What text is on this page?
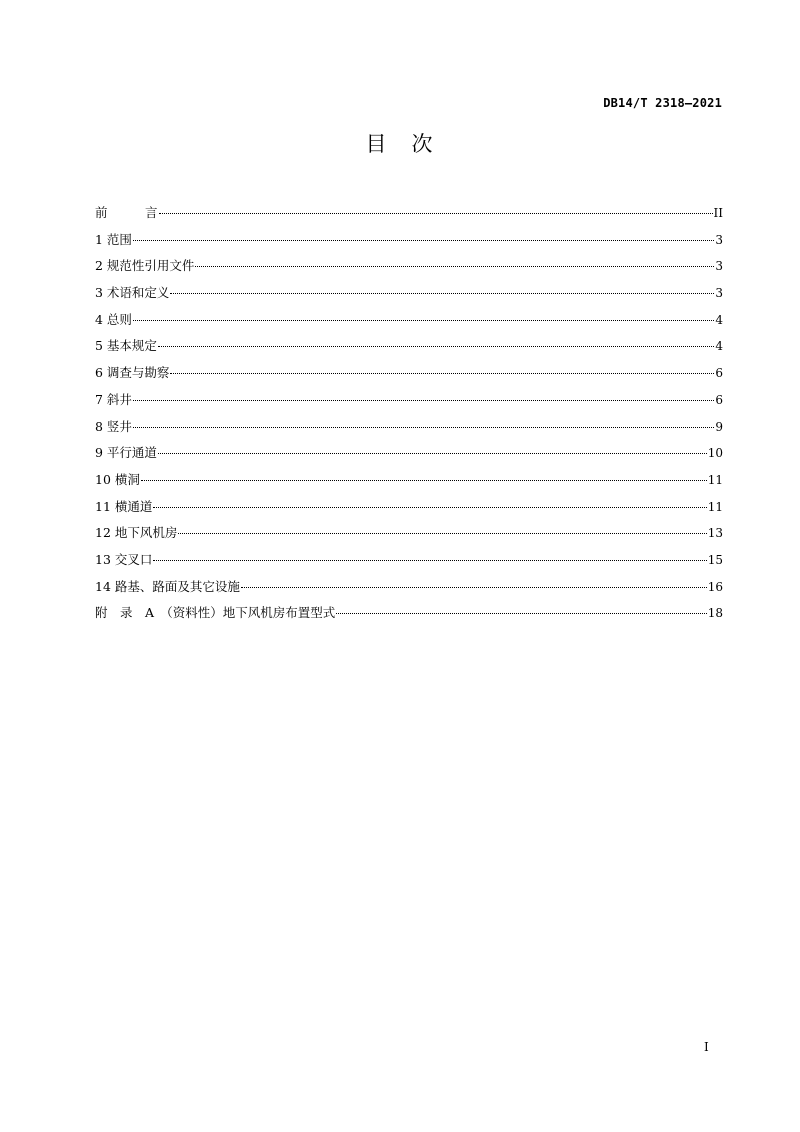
DB14/T 2318—2021
目　次
前　　　言	II
1 范围	3
2 规范性引用文件	3
3 术语和定义	3
4 总则	4
5 基本规定	4
6 调查与勘察	6
7 斜井	6
8 竖井	9
9 平行通道	10
10 横洞	11
11 横通道	11
12 地下风机房	13
13 交叉口	15
14 路基、路面及其它设施	16
附　录　A　（资料性）地下风机房布置型式	18
I
